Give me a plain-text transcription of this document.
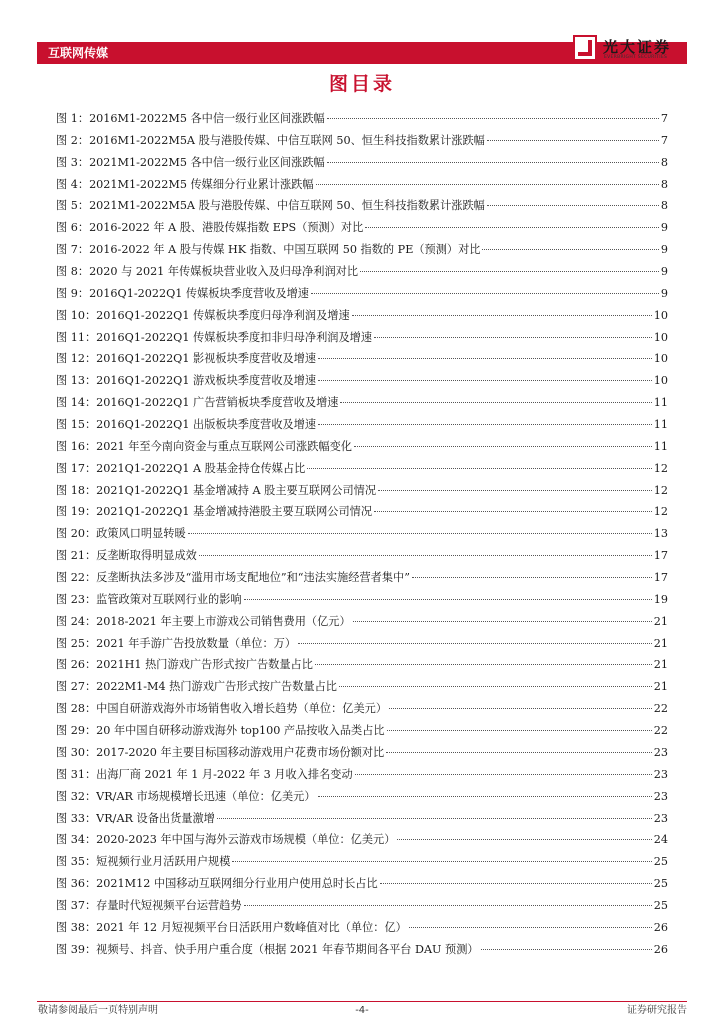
互联网传媒	光大证券
EVERBRIGHT SECURITIES
图目录
图 1： 2016M1-2022M5 各中信一级行业区间涨跌幅	7
图 2： 2016M1-2022M5A 股与港股传媒、中信互联网 50、恒生科技指数累计涨跌幅	7
图 3： 2021M1-2022M5 各中信一级行业区间涨跌幅	8
图 4： 2021M1-2022M5 传媒细分行业累计涨跌幅	8
图 5： 2021M1-2022M5A 股与港股传媒、中信互联网 50、恒生科技指数累计涨跌幅	8
图 6： 2016-2022 年 A 股、港股传媒指数 EPS（预测）对比	9
图 7： 2016-2022 年 A 股与传媒 HK 指数、中国互联网 50 指数的 PE（预测）对比	9
图 8： 2020 与 2021 年传媒板块营业收入及归母净利润对比	9
图 9： 2016Q1-2022Q1 传媒板块季度营收及增速	9
图 10： 2016Q1-2022Q1 传媒板块季度归母净利润及增速	10
图 11： 2016Q1-2022Q1 传媒板块季度扣非归母净利润及增速	10
图 12： 2016Q1-2022Q1 影视板块季度营收及增速	10
图 13： 2016Q1-2022Q1 游戏板块季度营收及增速	10
图 14： 2016Q1-2022Q1 广告营销板块季度营收及增速	11
图 15： 2016Q1-2022Q1 出版板块季度营收及增速	11
图 16： 2021 年至今南向资金与重点互联网公司涨跌幅变化	11
图 17： 2021Q1-2022Q1 A 股基金持仓传媒占比	12
图 18： 2021Q1-2022Q1 基金增减持 A 股主要互联网公司情况	12
图 19： 2021Q1-2022Q1 基金增减持港股主要互联网公司情况	12
图 20： 政策风口明显转暖	13
图 21： 反垄断取得明显成效	17
图 22： 反垄断执法多涉及“滥用市场支配地位”和“违法实施经营者集中”	17
图 23： 监管政策对互联网行业的影响	19
图 24： 2018-2021 年主要上市游戏公司销售费用（亿元）	21
图 25： 2021 年手游广告投放数量（单位：万）	21
图 26： 2021H1 热门游戏广告形式按广告数量占比	21
图 27： 2022M1-M4 热门游戏广告形式按广告数量占比	21
图 28： 中国自研游戏海外市场销售收入增长趋势（单位：亿美元）	22
图 29： 20 年中国自研移动游戏海外 top100 产品按收入品类占比	22
图 30： 2017-2020 年主要目标国移动游戏用户花费市场份额对比	23
图 31： 出海厂商 2021 年 1 月-2022 年 3 月收入排名变动	23
图 32： VR/AR 市场规模增长迅速（单位：亿美元）	23
图 33： VR/AR 设备出货量激增	23
图 34： 2020-2023 年中国与海外云游戏市场规模（单位：亿美元）	24
图 35： 短视频行业月活跃用户规模	25
图 36： 2021M12 中国移动互联网细分行业用户使用总时长占比	25
图 37： 存量时代短视频平台运营趋势	25
图 38： 2021 年 12 月短视频平台日活跃用户数峰值对比（单位：亿）	26
图 39： 视频号、抖音、快手用户重合度（根据 2021 年春节期间各平台 DAU 预测）	26
敬请参阅最后一页特别声明	-4-	证券研究报告
